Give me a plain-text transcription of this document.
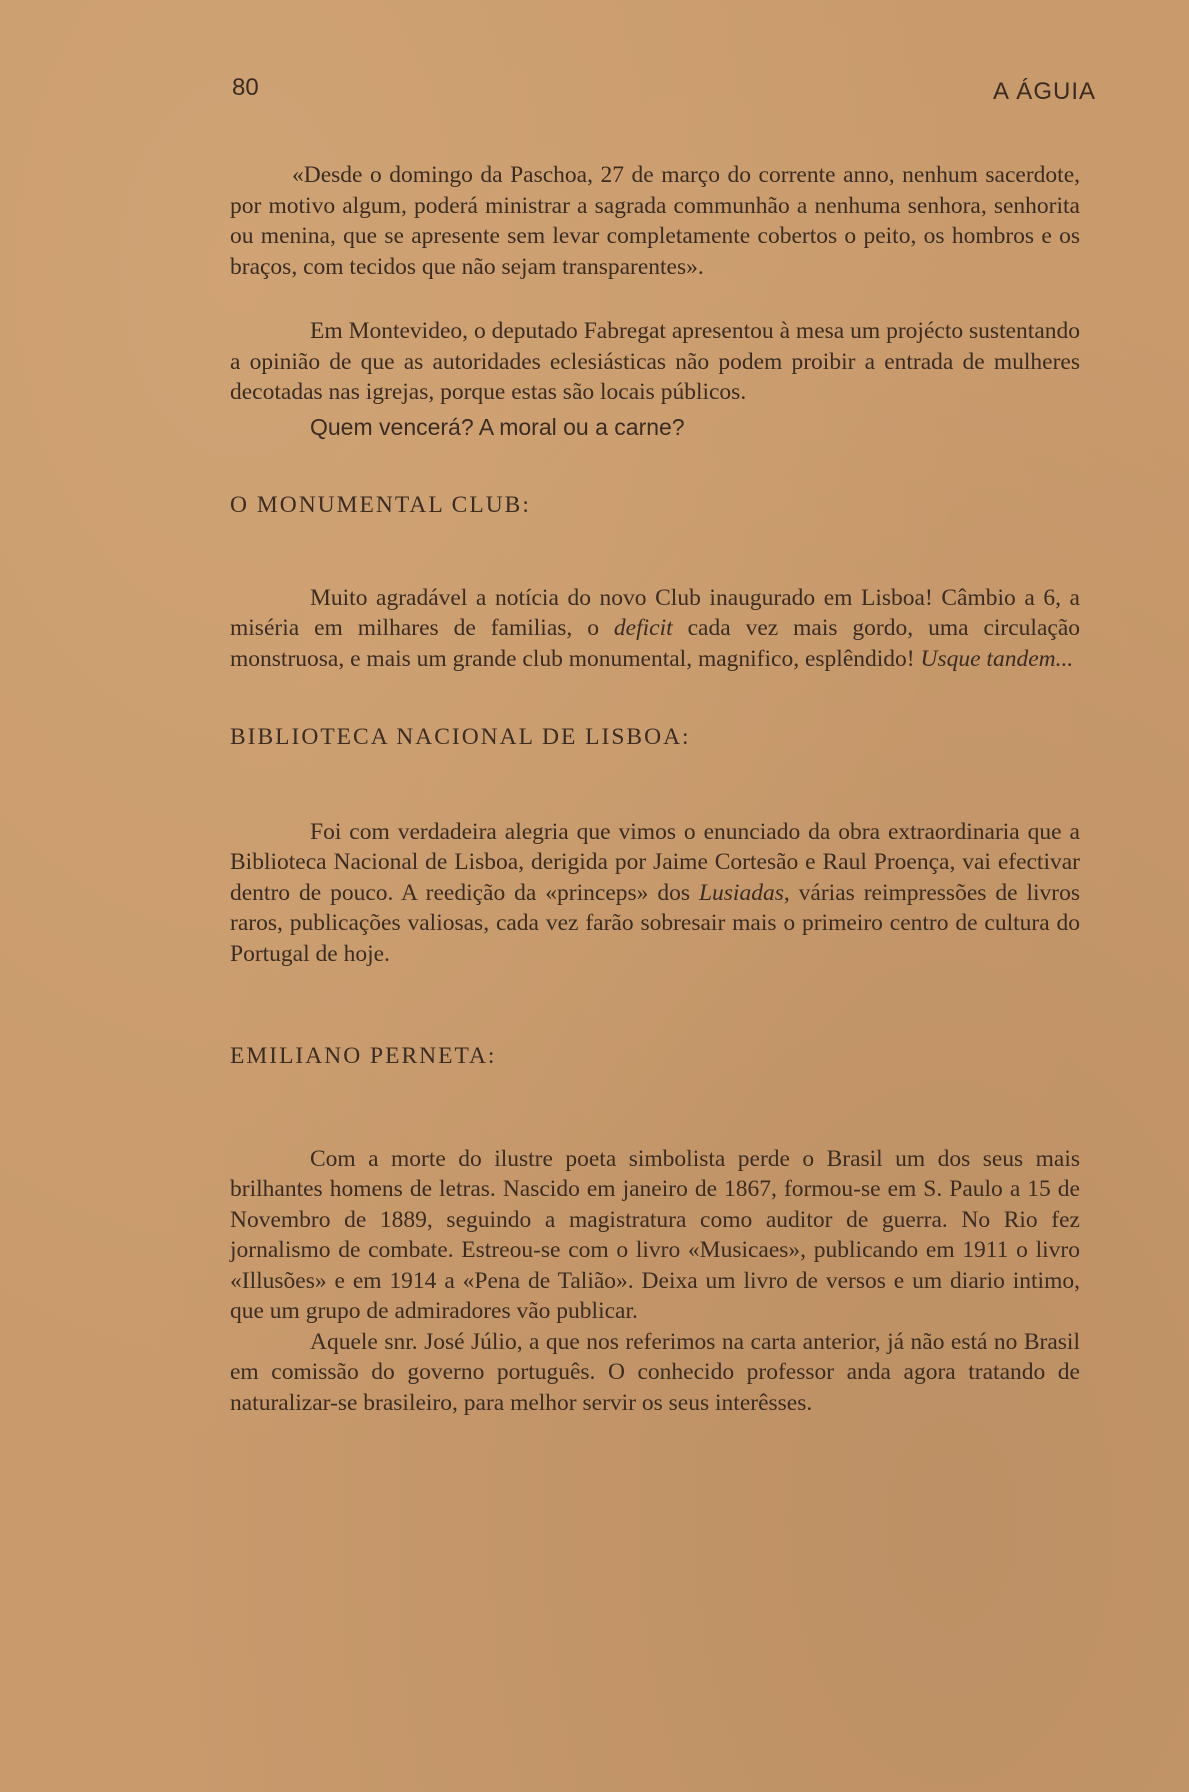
80	A ÁGUIA

«Desde o domingo da Paschoa, 27 de março do corrente anno, nenhum sacerdote, por motivo algum, poderá ministrar a sagrada communhão a nenhuma senhora, senhorita ou menina, que se apresente sem levar completamente cobertos o peito, os hombros e os braços, com tecidos que não sejam transparentes».

Em Montevideo, o deputado Fabregat apresentou à mesa um projécto sustentando a opinião de que as autoridades eclesiásticas não podem proibir a entrada de mulheres decotadas nas igrejas, porque estas são locais públicos.

Quem vencerá? A moral ou a carne?

O MONUMENTAL CLUB:

Muito agradável a notícia do novo Club inaugurado em Lisboa! Câmbio a 6, a miséria em milhares de familias, o deficit cada vez mais gordo, uma circulação monstruosa, e mais um grande club monumental, magnifico, esplêndido! Usque tandem...

BIBLIOTECA NACIONAL DE LISBOA:

Foi com verdadeira alegria que vimos o enunciado da obra extraordinaria que a Biblioteca Nacional de Lisboa, derigida por Jaime Cortesão e Raul Proença, vai efectivar dentro de pouco. A reedição da «princeps» dos Lusiadas, várias reimpressões de livros raros, publicações valiosas, cada vez farão sobresair mais o primeiro centro de cultura do Portugal de hoje.

EMILIANO PERNETA:

Com a morte do ilustre poeta simbolista perde o Brasil um dos seus mais brilhantes homens de letras. Nascido em janeiro de 1867, formou-se em S. Paulo a 15 de Novembro de 1889, seguindo a magistratura como auditor de guerra. No Rio fez jornalismo de combate. Estreou-se com o livro «Musicaes», publicando em 1911 o livro «Illusões» e em 1914 a «Pena de Talião». Deixa um livro de versos e um diario intimo, que um grupo de admiradores vão publicar.

Aquele snr. José Júlio, a que nos referimos na carta anterior, já não está no Brasil em comissão do governo português. O conhecido professor anda agora tratando de naturalizar-se brasileiro, para melhor servir os seus interêsses.
